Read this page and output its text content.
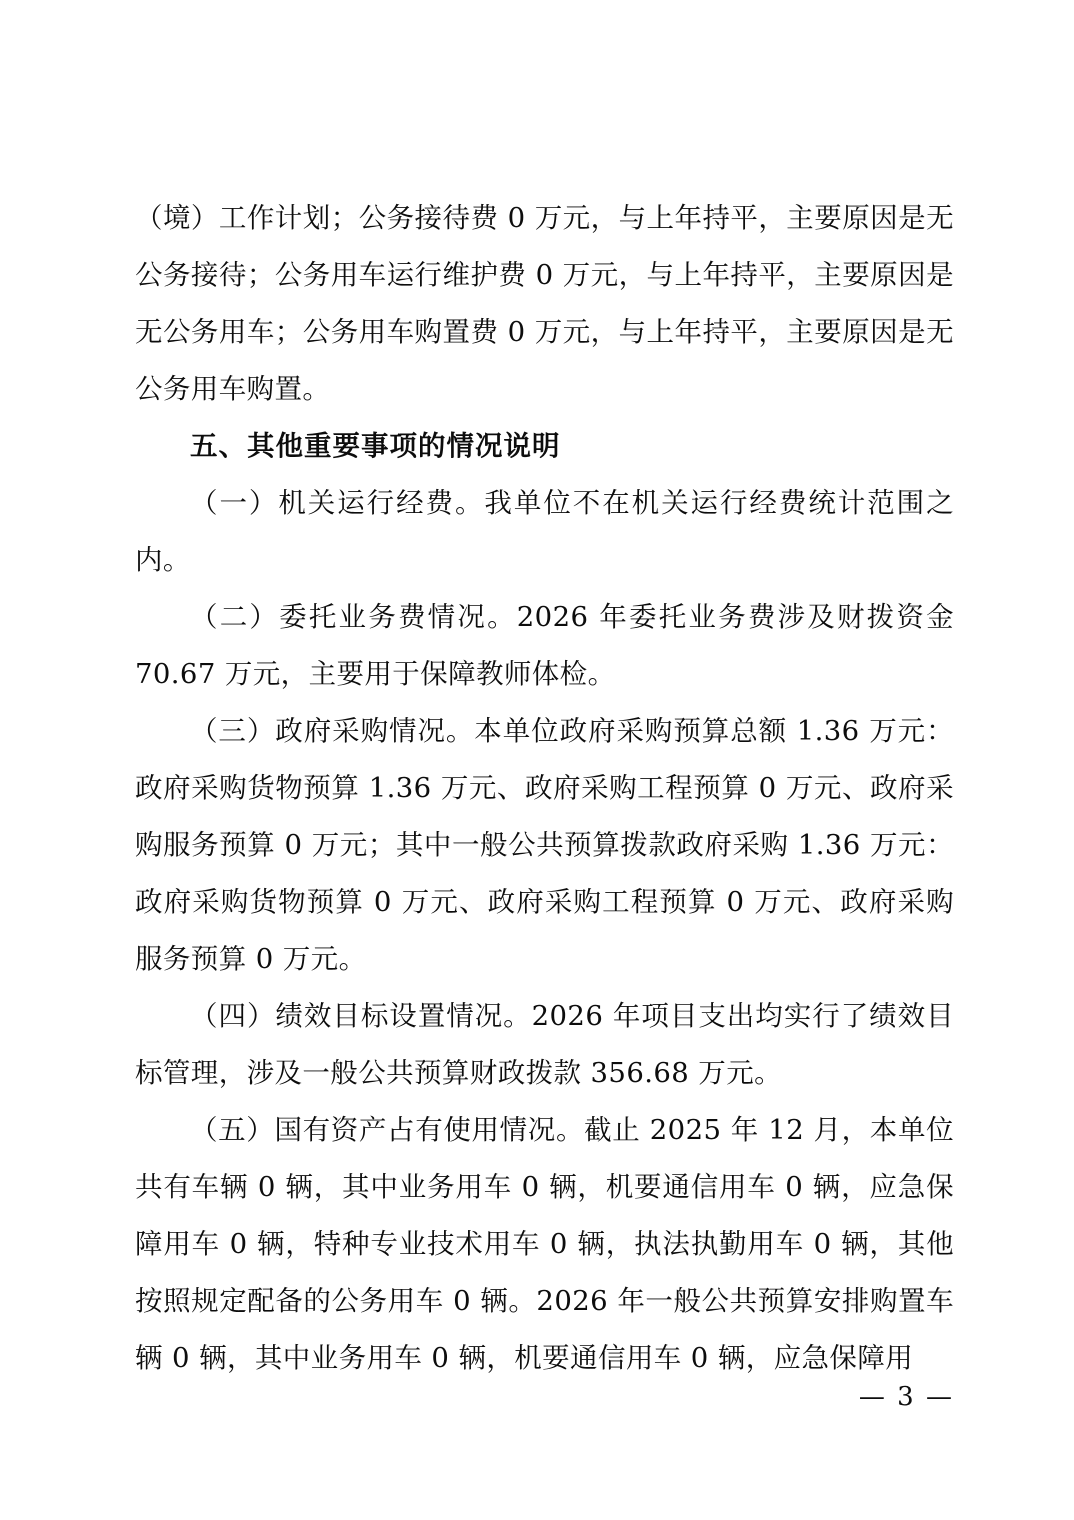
（境）工作计划；公务接待费 0 万元，与上年持平，主要原因是无公务接待；公务用车运行维护费 0 万元，与上年持平，主要原因是无公务用车；公务用车购置费 0 万元，与上年持平，主要原因是无公务用车购置。

五、其他重要事项的情况说明

（一）机关运行经费。我单位不在机关运行经费统计范围之内。

（二）委托业务费情况。2026 年委托业务费涉及财拨资金 70.67 万元，主要用于保障教师体检。

（三）政府采购情况。本单位政府采购预算总额 1.36 万元：政府采购货物预算 1.36 万元、政府采购工程预算 0 万元、政府采购服务预算 0 万元；其中一般公共预算拨款政府采购 1.36 万元：政府采购货物预算 0 万元、政府采购工程预算 0 万元、政府采购服务预算 0 万元。

（四）绩效目标设置情况。2026 年项目支出均实行了绩效目标管理，涉及一般公共预算财政拨款 356.68 万元。

（五）国有资产占有使用情况。截止 2025 年 12 月，本单位共有车辆 0 辆，其中业务用车 0 辆，机要通信用车 0 辆，应急保障用车 0 辆，特种专业技术用车 0 辆，执法执勤用车 0 辆，其他按照规定配备的公务用车 0 辆。2026 年一般公共预算安排购置车辆 0 辆，其中业务用车 0 辆，机要通信用车 0 辆，应急保障用

— 3 —
